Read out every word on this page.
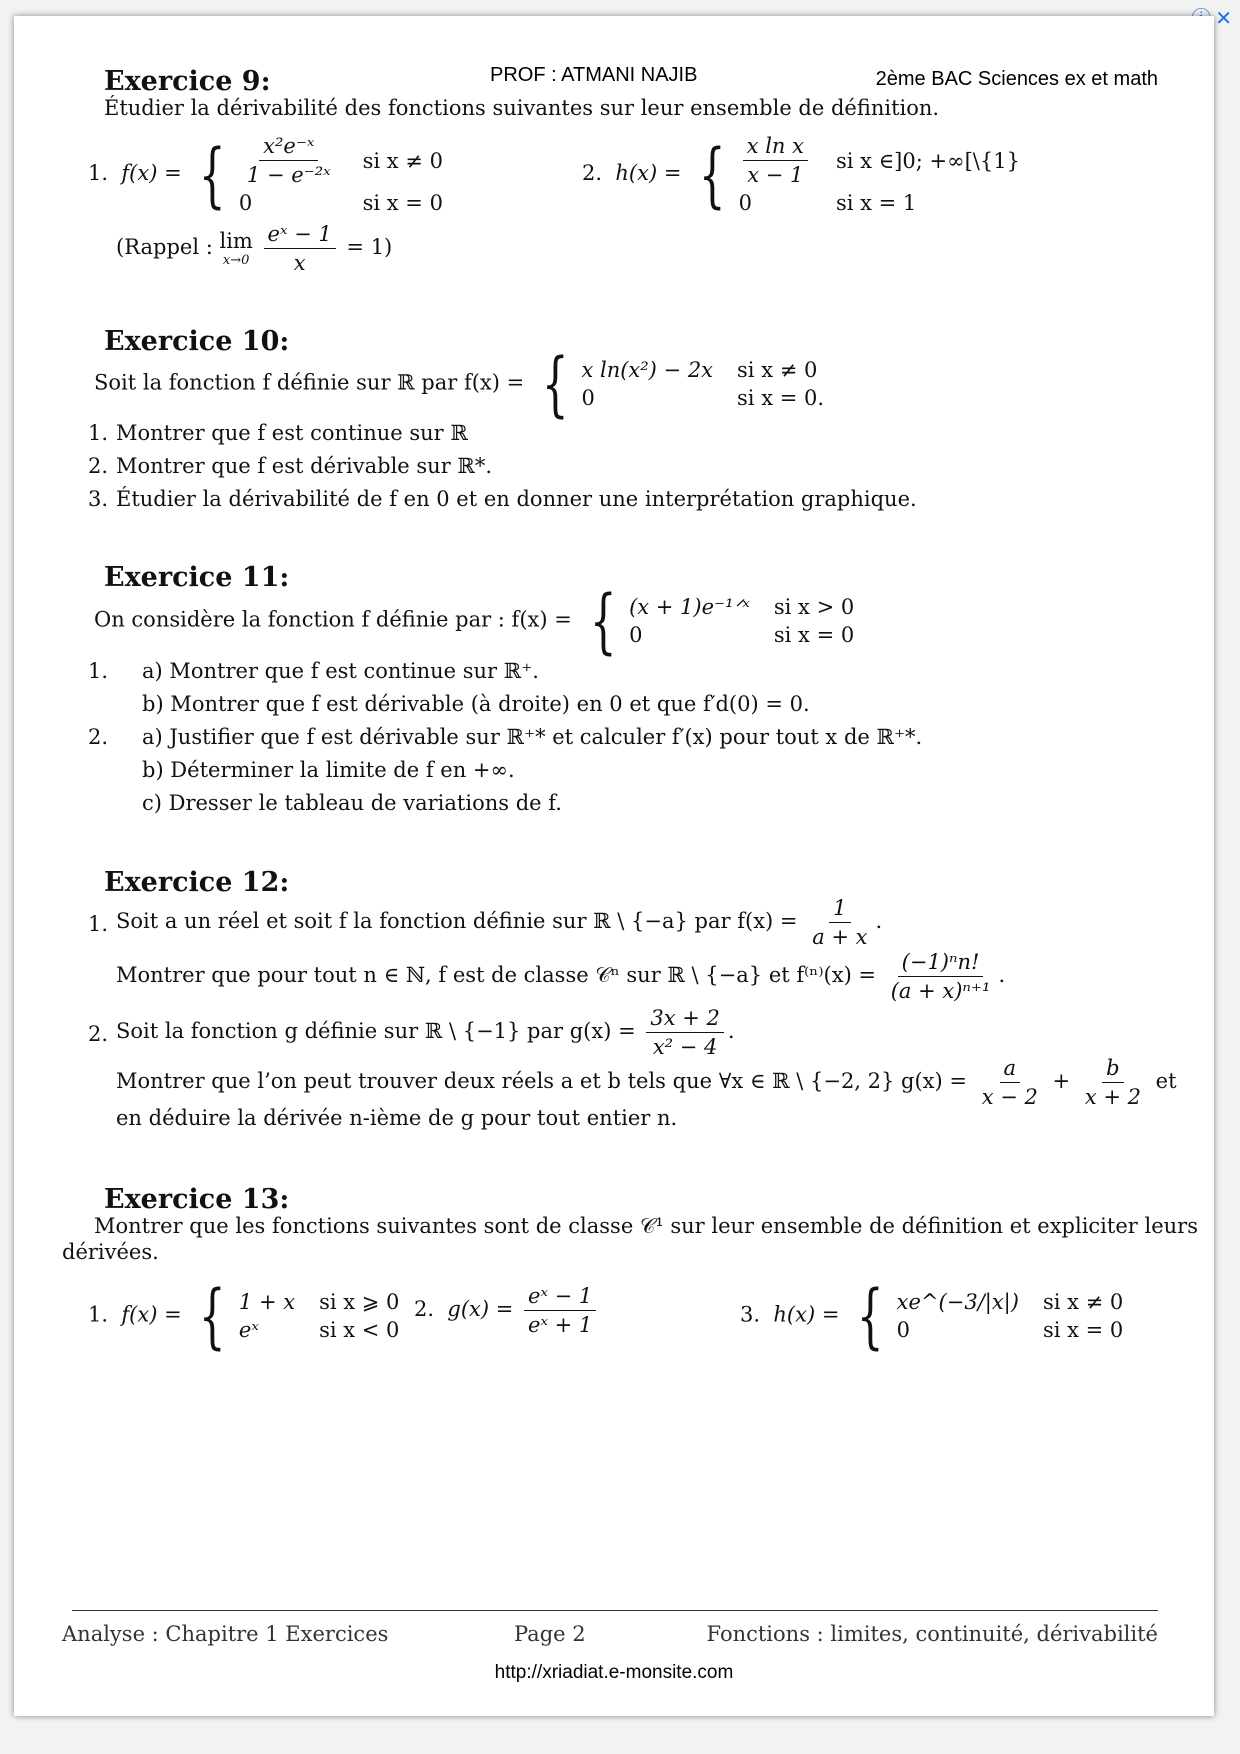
✕
PROF : ATMANI NAJIB	2ème BAC Sciences ex et math
Exercice 9:
Étudier la dérivabilité des fonctions suivantes sur leur ensemble de définition.
1. f(x) = { $\frac{\text{x²e⁻ˣ}}{\text{1 − e⁻²ˣ}}$ si x ≠ 0
0	si x = 0
2. h(x) = { $\frac{\text{x ln x}}{x - 1}$ si x ∈]0; +∞[\{1}
0	si x = 1
(Rappel : lim
x→0
$\frac{\text{eˣ − 1}}{x} = 1$)
Exercice 10:
Soit la fonction f définie sur ℝ par f(x) = { x ln(x²) − 2x si x ≠ 0
0	si x = 0.
1. Montrer que f est continue sur ℝ
2. Montrer que f est dérivable sur ℝ*.
3. Étudier la dérivabilité de f en 0 et en donner une interprétation graphique.
Exercice 11:
On considère la fonction f définie par : f(x) = { (x + 1)e⁻¹ᐟˣ si x > 0
0	si x = 0
1. a) Montrer que f est continue sur ℝ⁺.
b) Montrer que f est dérivable (à droite) en 0 et que f′d(0) = 0.
2. a) Justifier que f est dérivable sur ℝ⁺* et calculer f′(x) pour tout x de ℝ⁺*.
b) Déterminer la limite de f en +∞.
c) Dresser le tableau de variations de f.
Exercice 12:
1. Soit a un réel et soit f la fonction définie sur ℝ \ {−a} par $f(x) = \frac{1}{a + x}$ .
Montrer que pour tout n ∈ ℕ, f est de classe 𝒞ⁿ sur ℝ \ {−a} et $f^{(n)}(x) = \frac{\text{(−1)ⁿn!}}{\text{(a + x)ⁿ⁺¹}}$ .
2. Soit la fonction g définie sur ℝ \ {−1} par $g(x) = \frac{3x + 2}{\text{x² − 4}}$ .
Montrer que l’on peut trouver deux réels a et b tels que ∀x ∈ ℝ \ {−2, 2} $g(x) = \frac{a}{x - 2} + \frac{b}{x + 2}$ et
en déduire la dérivée n-ième de g pour tout entier n.
Exercice 13:
Montrer que les fonctions suivantes sont de classe 𝒞¹ sur leur ensemble de définition et expliciter leurs
dérivées.
1. f(x) = { 1 + x si x ⩾ 0
eˣ	si x < 0
2. $g(x) = \frac{\text{eˣ − 1}}{\text{eˣ + 1}}$	3. h(x) = { xe^(−3/|x|) si x ≠ 0
0	si x = 0
Analyse : Chapitre 1 Exercices	Page 2	Fonctions : limites, continuité, dérivabilité
http://xriadiat.e-monsite.com
